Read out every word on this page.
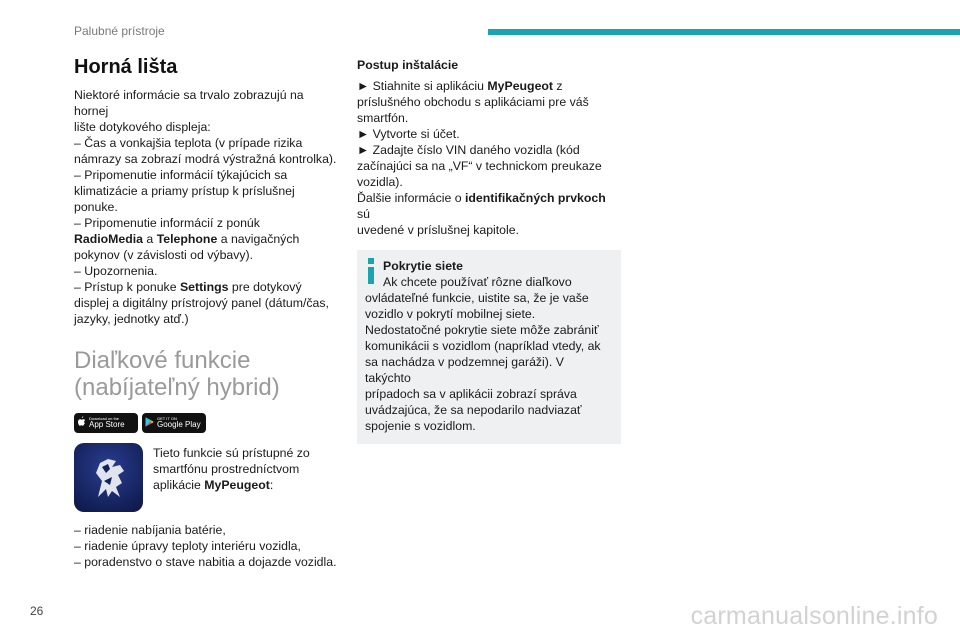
Palubné prístroje
Horná lišta
Niektoré informácie sa trvalo zobrazujú na hornej
lište dotykového displeja:
– Čas a vonkajšia teplota (v prípade rizika
námrazy sa zobrazí modrá výstražná kontrolka).
– Pripomenutie informácií týkajúcich sa
klimatizácie a priamy prístup k príslušnej
ponuke.
– Pripomenutie informácií z ponúk
RadioMedia a Telephone a navigačných
pokynov (v závislosti od výbavy).
– Upozornenia.
– Prístup k ponuke Settings pre dotykový
displej a digitálny prístrojový panel (dátum/čas,
jazyky, jednotky atď.)
Diaľkové funkcie
(nabíjateľný hybrid)
Download on the
App Store
GET IT ON
Google Play
Tieto funkcie sú prístupné zo
smartfónu prostredníctvom
aplikácie MyPeugeot:
– riadenie nabíjania batérie,
– riadenie úpravy teploty interiéru vozidla,
– poradenstvo o stave nabitia a dojazde vozidla.
Postup inštalácie
► Stiahnite si aplikáciu MyPeugeot z
príslušného obchodu s aplikáciami pre váš
smartfón.
► Vytvorte si účet.
► Zadajte číslo VIN daného vozidla (kód
začínajúci sa na „VF“ v technickom preukaze
vozidla).
Ďalšie informácie o identifikačných prvkoch sú
uvedené v príslušnej kapitole.
Pokrytie siete
Ak chcete používať rôzne diaľkovo
ovládateľné funkcie, uistite sa, že je vaše
vozidlo v pokrytí mobilnej siete.
Nedostatočné pokrytie siete môže zabrániť
komunikácii s vozidlom (napríklad vtedy, ak
sa nachádza v podzemnej garáži). V takýchto
prípadoch sa v aplikácii zobrazí správa
uvádzajúca, že sa nepodarilo nadviazať
spojenie s vozidlom.
26	carmanualsonline.info
